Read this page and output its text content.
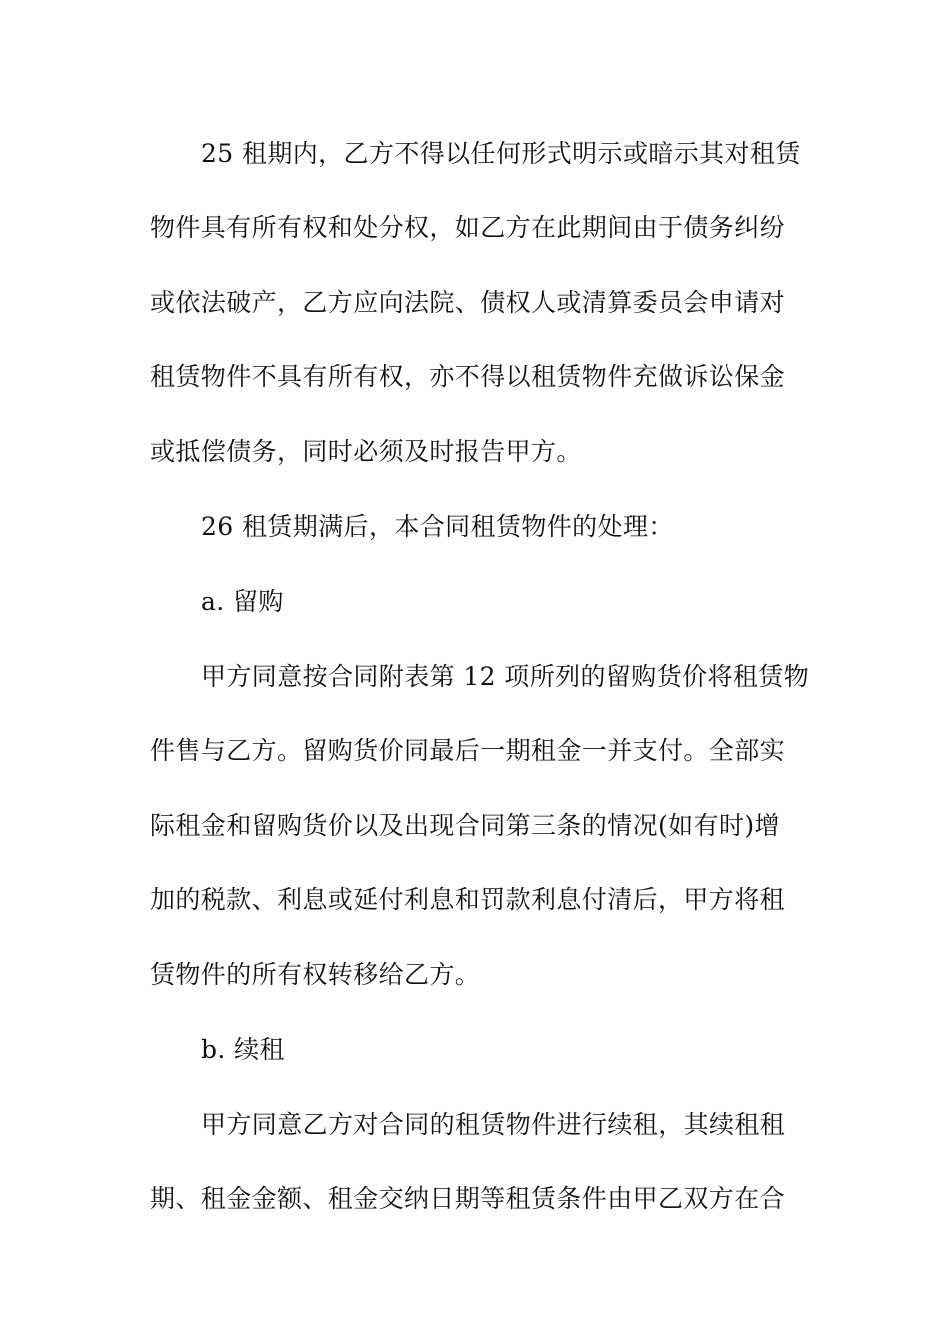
25 租期内，乙方不得以任何形式明示或暗示其对租赁
物件具有所有权和处分权，如乙方在此期间由于债务纠纷
或依法破产，乙方应向法院、债权人或清算委员会申请对
租赁物件不具有所有权，亦不得以租赁物件充做诉讼保金
或抵偿债务，同时必须及时报告甲方。
26 租赁期满后，本合同租赁物件的处理：
a. 留购
甲方同意按合同附表第 12 项所列的留购货价将租赁物
件售与乙方。留购货价同最后一期租金一并支付。全部实
际租金和留购货价以及出现合同第三条的情况(如有时)增
加的税款、利息或延付利息和罚款利息付清后，甲方将租
赁物件的所有权转移给乙方。
b. 续租
甲方同意乙方对合同的租赁物件进行续租，其续租租
期、租金金额、租金交纳日期等租赁条件由甲乙双方在合
